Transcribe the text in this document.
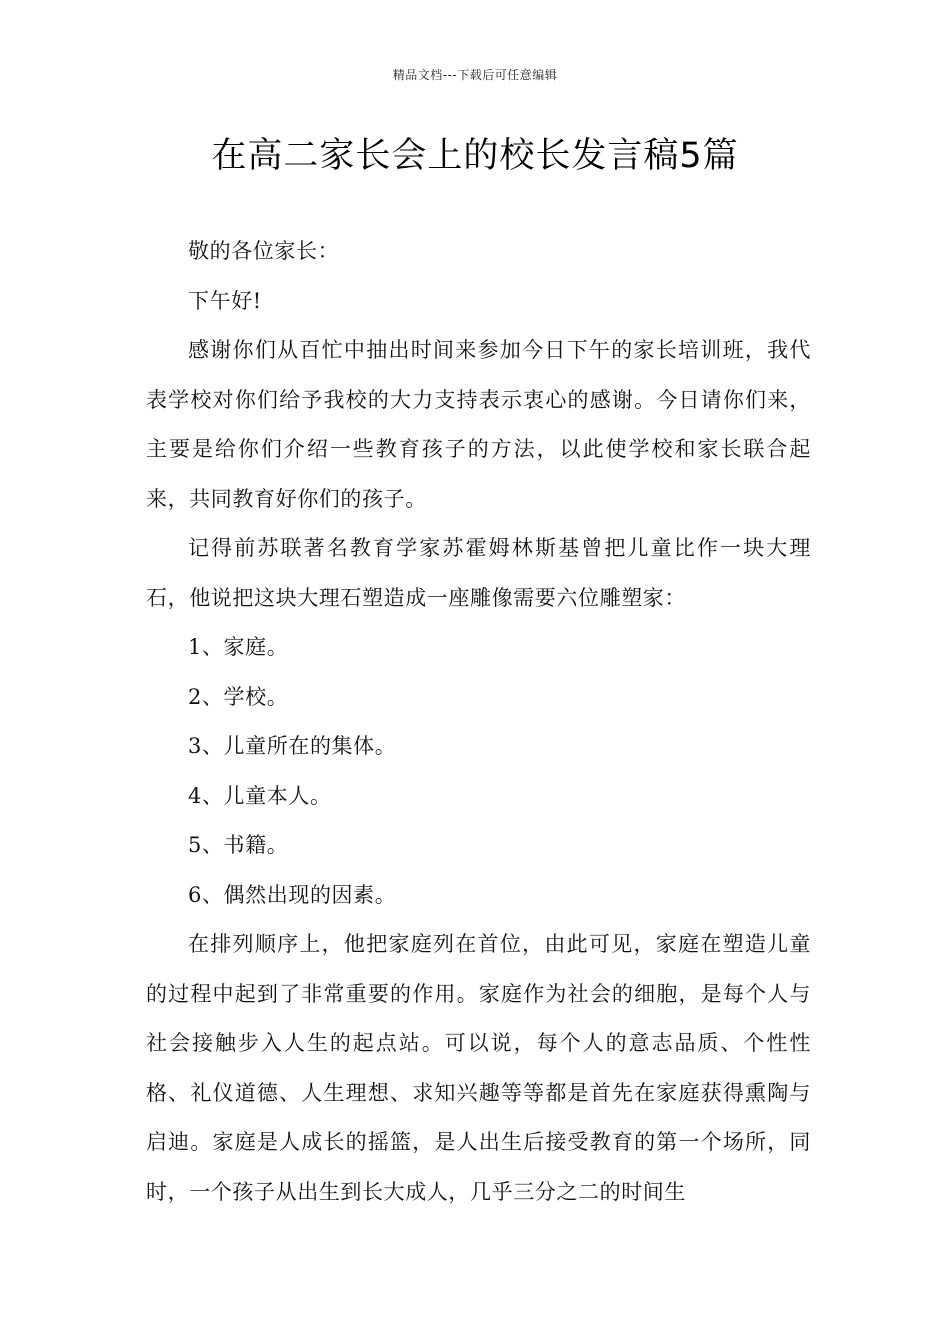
精品文档---下载后可任意编辑
在高二家长会上的校长发言稿5篇

敬的各位家长：

下午好!

感谢你们从百忙中抽出时间来参加今日下午的家长培训班，我代表学校对你们给予我校的大力支持表示衷心的感谢。今日请你们来，主要是给你们介绍一些教育孩子的方法，以此使学校和家长联合起来，共同教育好你们的孩子。

记得前苏联著名教育学家苏霍姆林斯基曾把儿童比作一块大理石，他说把这块大理石塑造成一座雕像需要六位雕塑家：

1、家庭。

2、学校。

3、儿童所在的集体。

4、儿童本人。

5、书籍。

6、偶然出现的因素。

在排列顺序上，他把家庭列在首位，由此可见，家庭在塑造儿童的过程中起到了非常重要的作用。家庭作为社会的细胞，是每个人与社会接触步入人生的起点站。可以说，每个人的意志品质、个性性格、礼仪道德、人生理想、求知兴趣等等都是首先在家庭获得熏陶与启迪。家庭是人成长的摇篮，是人出生后接受教育的第一个场所，同时，一个孩子从出生到长大成人，几乎三分之二的时间生
